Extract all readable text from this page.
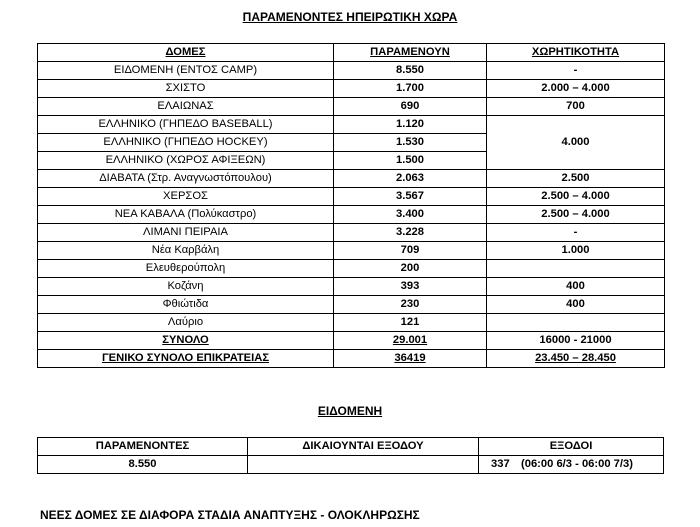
ΠΑΡΑΜΕΝΟΝΤΕΣ ΗΠΕΙΡΩΤΙΚΗ ΧΩΡΑ
ΔΟΜΕΣ	ΠΑΡΑΜΕΝΟΥΝ	ΧΩΡΗΤΙΚΟΤΗΤΑ
ΕΙΔΟΜΕΝΗ (ΕΝΤΟΣ CAMP)	8.550	-
ΣΧΙΣΤΟ	1.700	2.000 – 4.000
ΕΛΑΙΩΝΑΣ	690	700
ΕΛΛΗΝΙΚΟ (ΓΗΠΕΔΟ BASEBALL)	1.120	4.000
ΕΛΛΗΝΙΚΟ (ΓΗΠΕΔΟ HOCKEY)	1.530	
ΕΛΛΗΝΙΚΟ (ΧΩΡΟΣ ΑΦΙΞΕΩΝ)	1.500	
ΔΙΑΒΑΤΑ (Στρ. Αναγνωστόπουλου)	2.063	2.500
ΧΕΡΣΟΣ	3.567	2.500 – 4.000
ΝΕΑ ΚΑΒΑΛΑ (Πολύκαστρο)	3.400	2.500 – 4.000
ΛΙΜΑΝΙ ΠΕΙΡΑΙΑ	3.228	-
Νέα Καρβάλη	709	1.000
Ελευθερούπολη	200	
Κοζάνη	393	400
Φθιώτιδα	230	400
Λαύριο	121	
ΣΥΝΟΛΟ	29.001	16000 - 21000
ΓΕΝΙΚΟ ΣΥΝΟΛΟ ΕΠΙΚΡΑΤΕΙΑΣ	36419	23.450 – 28.450
ΕΙΔΟΜΕΝΗ
ΠΑΡΑΜΕΝΟΝΤΕΣ	ΔΙΚΑΙΟΥΝΤΑΙ ΕΞΟΔΟΥ	ΕΞΟΔΟΙ
8.550		337 (06:00 6/3 - 06:00 7/3)
ΝΕΕΣ ΔΟΜΕΣ ΣΕ ΔΙΑΦΟΡΑ ΣΤΑΔΙΑ ΑΝΑΠΤΥΞΗΣ - ΟΛΟΚΛΗΡΩΣΗΣ
